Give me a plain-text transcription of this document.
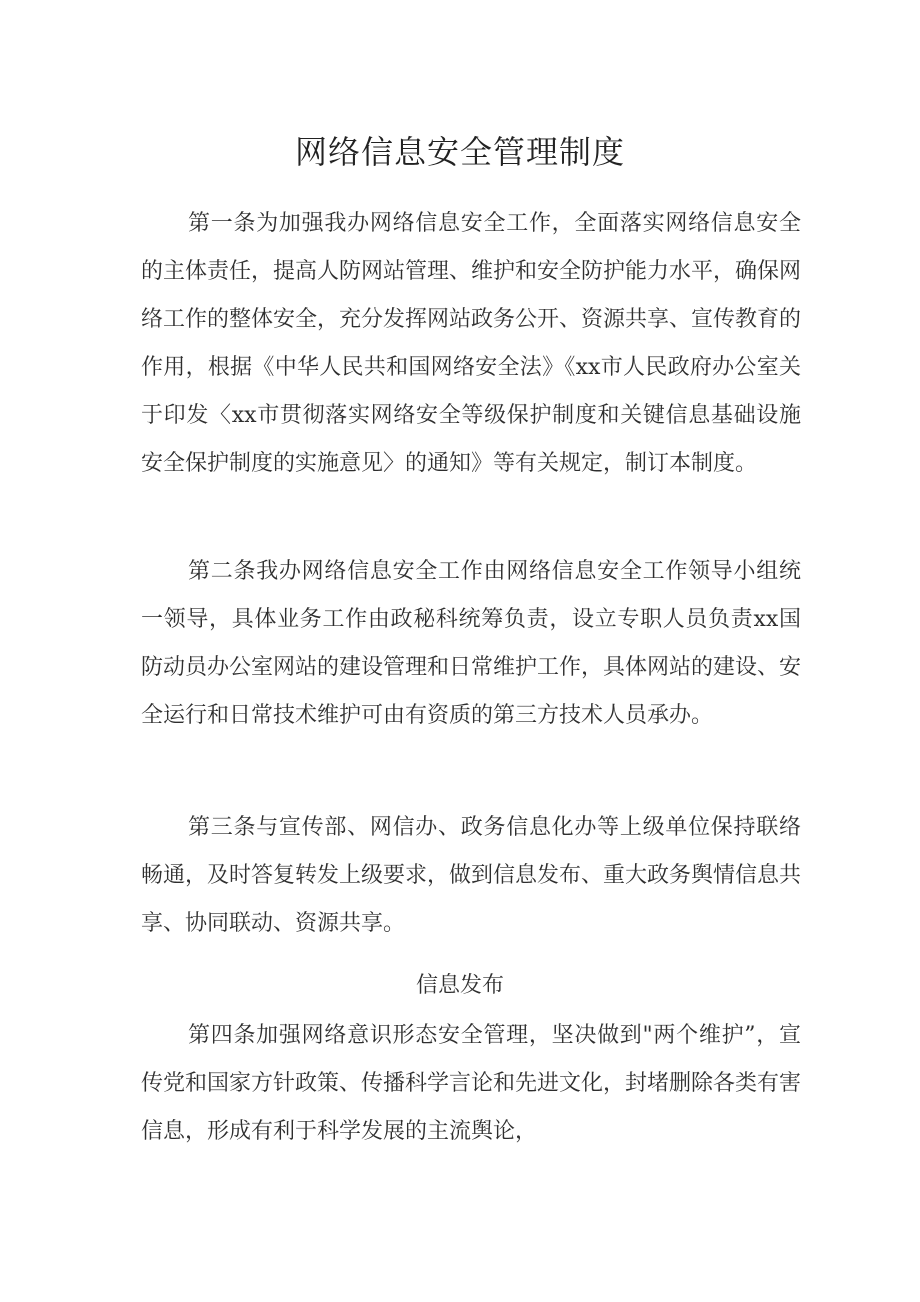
网络信息安全管理制度

第一条为加强我办网络信息安全工作，全面落实网络信息安全的主体责任，提高人防网站管理、维护和安全防护能力水平，确保网络工作的整体安全，充分发挥网站政务公开、资源共享、宣传教育的作用，根据《中华人民共和国网络安全法》《xx市人民政府办公室关于印发〈xx市贯彻落实网络安全等级保护制度和关键信息基础设施安全保护制度的实施意见〉的通知》等有关规定，制订本制度。

第二条我办网络信息安全工作由网络信息安全工作领导小组统一领导，具体业务工作由政秘科统筹负责，设立专职人员负责xx国防动员办公室网站的建设管理和日常维护工作，具体网站的建设、安全运行和日常技术维护可由有资质的第三方技术人员承办。

第三条与宣传部、网信办、政务信息化办等上级单位保持联络畅通，及时答复转发上级要求，做到信息发布、重大政务舆情信息共享、协同联动、资源共享。

信息发布

第四条加强网络意识形态安全管理，坚决做到"两个维护”，宣传党和国家方针政策、传播科学言论和先进文化，封堵删除各类有害信息，形成有利于科学发展的主流舆论，
